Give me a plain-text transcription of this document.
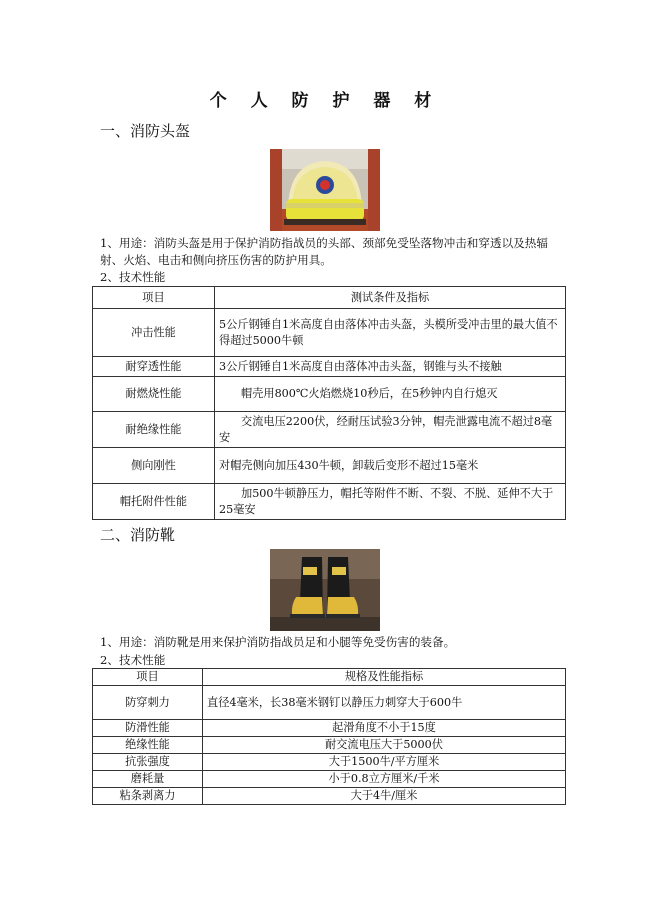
个 人 防 护 器 材
一、消防头盔
1、用途：消防头盔是用于保护消防指战员的头部、颈部免受坠落物冲击和穿透以及热辐射、火焰、电击和侧向挤压伤害的防护用具。
2、技术性能
项目	测试条件及指标
冲击性能	5公斤钢锤自1米高度自由落体冲击头盔，头模所受冲击里的最大值不得超过5000牛顿
耐穿透性能	3公斤钢锤自1米高度自由落体冲击头盔，钢锥与头不接触
耐燃烧性能	帽壳用800℃火焰燃烧10秒后，在5秒钟内自行熄灭
耐绝缘性能	交流电压2200伏，经耐压试验3分钟，帽壳泄露电流不超过8毫安
侧向刚性	对帽壳侧向加压430牛顿，卸载后变形不超过15毫米
帽托附件性能	加500牛顿静压力，帽托等附件不断、不裂、不脱、延伸不大于25毫安
二、消防靴
1、用途：消防靴是用来保护消防指战员足和小腿等免受伤害的装备。
2、技术性能
项目	规格及性能指标
防穿刺力	直径4毫米，长38毫米钢钉以静压力刺穿大于600牛
防滑性能	起滑角度不小于15度
绝缘性能	耐交流电压大于5000伏
抗张强度	大于1500牛/平方厘米
磨耗量	小于0.8立方厘米/千米
粘条剥离力	大于4牛/厘米
